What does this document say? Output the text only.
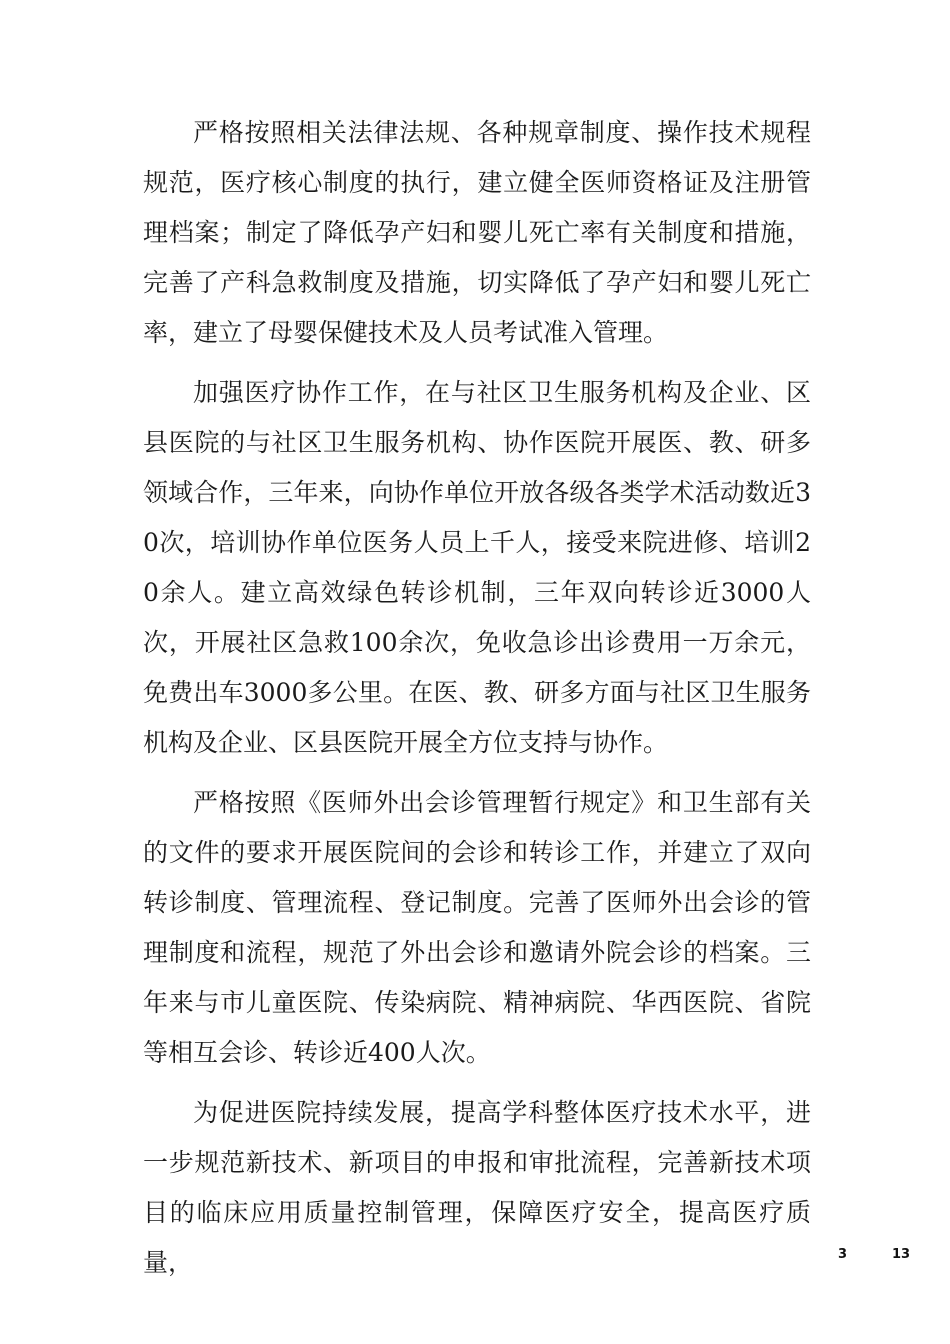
严格按照相关法律法规、各种规章制度、操作技术规程规范，医疗核心制度的执行，建立健全医师资格证及注册管理档案；制定了降低孕产妇和婴儿死亡率有关制度和措施，完善了产科急救制度及措施，切实降低了孕产妇和婴儿死亡率，建立了母婴保健技术及人员考试准入管理。

加强医疗协作工作，在与社区卫生服务机构及企业、区县医院的与社区卫生服务机构、协作医院开展医、教、研多领域合作，三年来，向协作单位开放各级各类学术活动数近30次，培训协作单位医务人员上千人，接受来院进修、培训20余人。建立高效绿色转诊机制，三年双向转诊近3000人次，开展社区急救100余次，免收急诊出诊费用一万余元，免费出车3000多公里。在医、教、研多方面与社区卫生服务机构及企业、区县医院开展全方位支持与协作。

严格按照《医师外出会诊管理暂行规定》和卫生部有关的文件的要求开展医院间的会诊和转诊工作，并建立了双向转诊制度、管理流程、登记制度。完善了医师外出会诊的管理制度和流程，规范了外出会诊和邀请外院会诊的档案。三年来与市儿童医院、传染病院、精神病院、华西医院、省院等相互会诊、转诊近400人次。

为促进医院持续发展，提高学科整体医疗技术水平，进一步规范新技术、新项目的申报和审批流程，完善新技术项目的临床应用质量控制管理，保障医疗安全，提高医疗质量，	3	13
